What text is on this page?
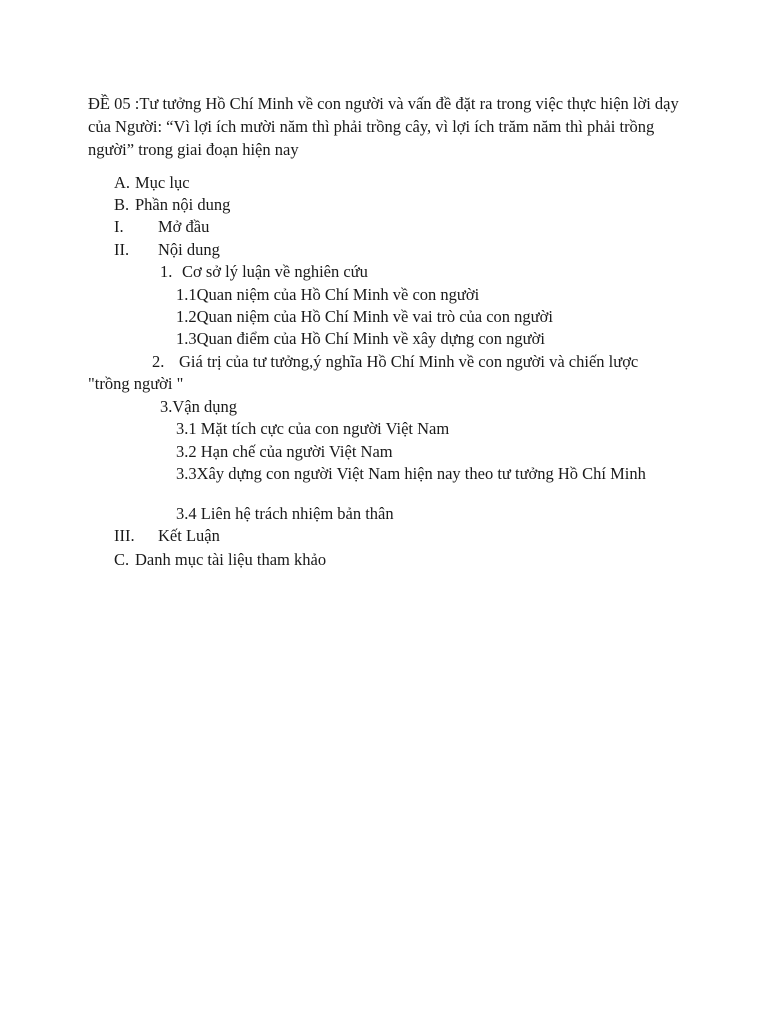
ĐỀ 05 :Tư tưởng Hồ Chí Minh về con người và vấn đề đặt ra trong việc thực hiện lời dạy của Người: “Vì lợi ích mười năm thì phải trồng cây, vì lợi ích trăm năm thì phải trồng người” trong giai đoạn hiện nay

A. Mục lục
B. Phần nội dung
I. Mở đầu
II. Nội dung
1. Cơ sở lý luận về nghiên cứu
1.1Quan niệm của Hồ Chí Minh về con người
1.2Quan niệm của Hồ Chí Minh về vai trò của con người
1.3Quan điểm của Hồ Chí Minh về xây dựng con người
2. Giá trị của tư tưởng,ý nghĩa Hồ Chí Minh về con người và chiến lược
"trồng người "
3.Vận dụng
3.1 Mặt tích cực của con người Việt Nam
3.2 Hạn chế của người Việt Nam
3.3Xây dựng con người Việt Nam hiện nay theo tư tưởng Hồ Chí Minh
3.4 Liên hệ trách nhiệm bản thân
III. Kết Luận
C. Danh mục tài liệu tham khảo
